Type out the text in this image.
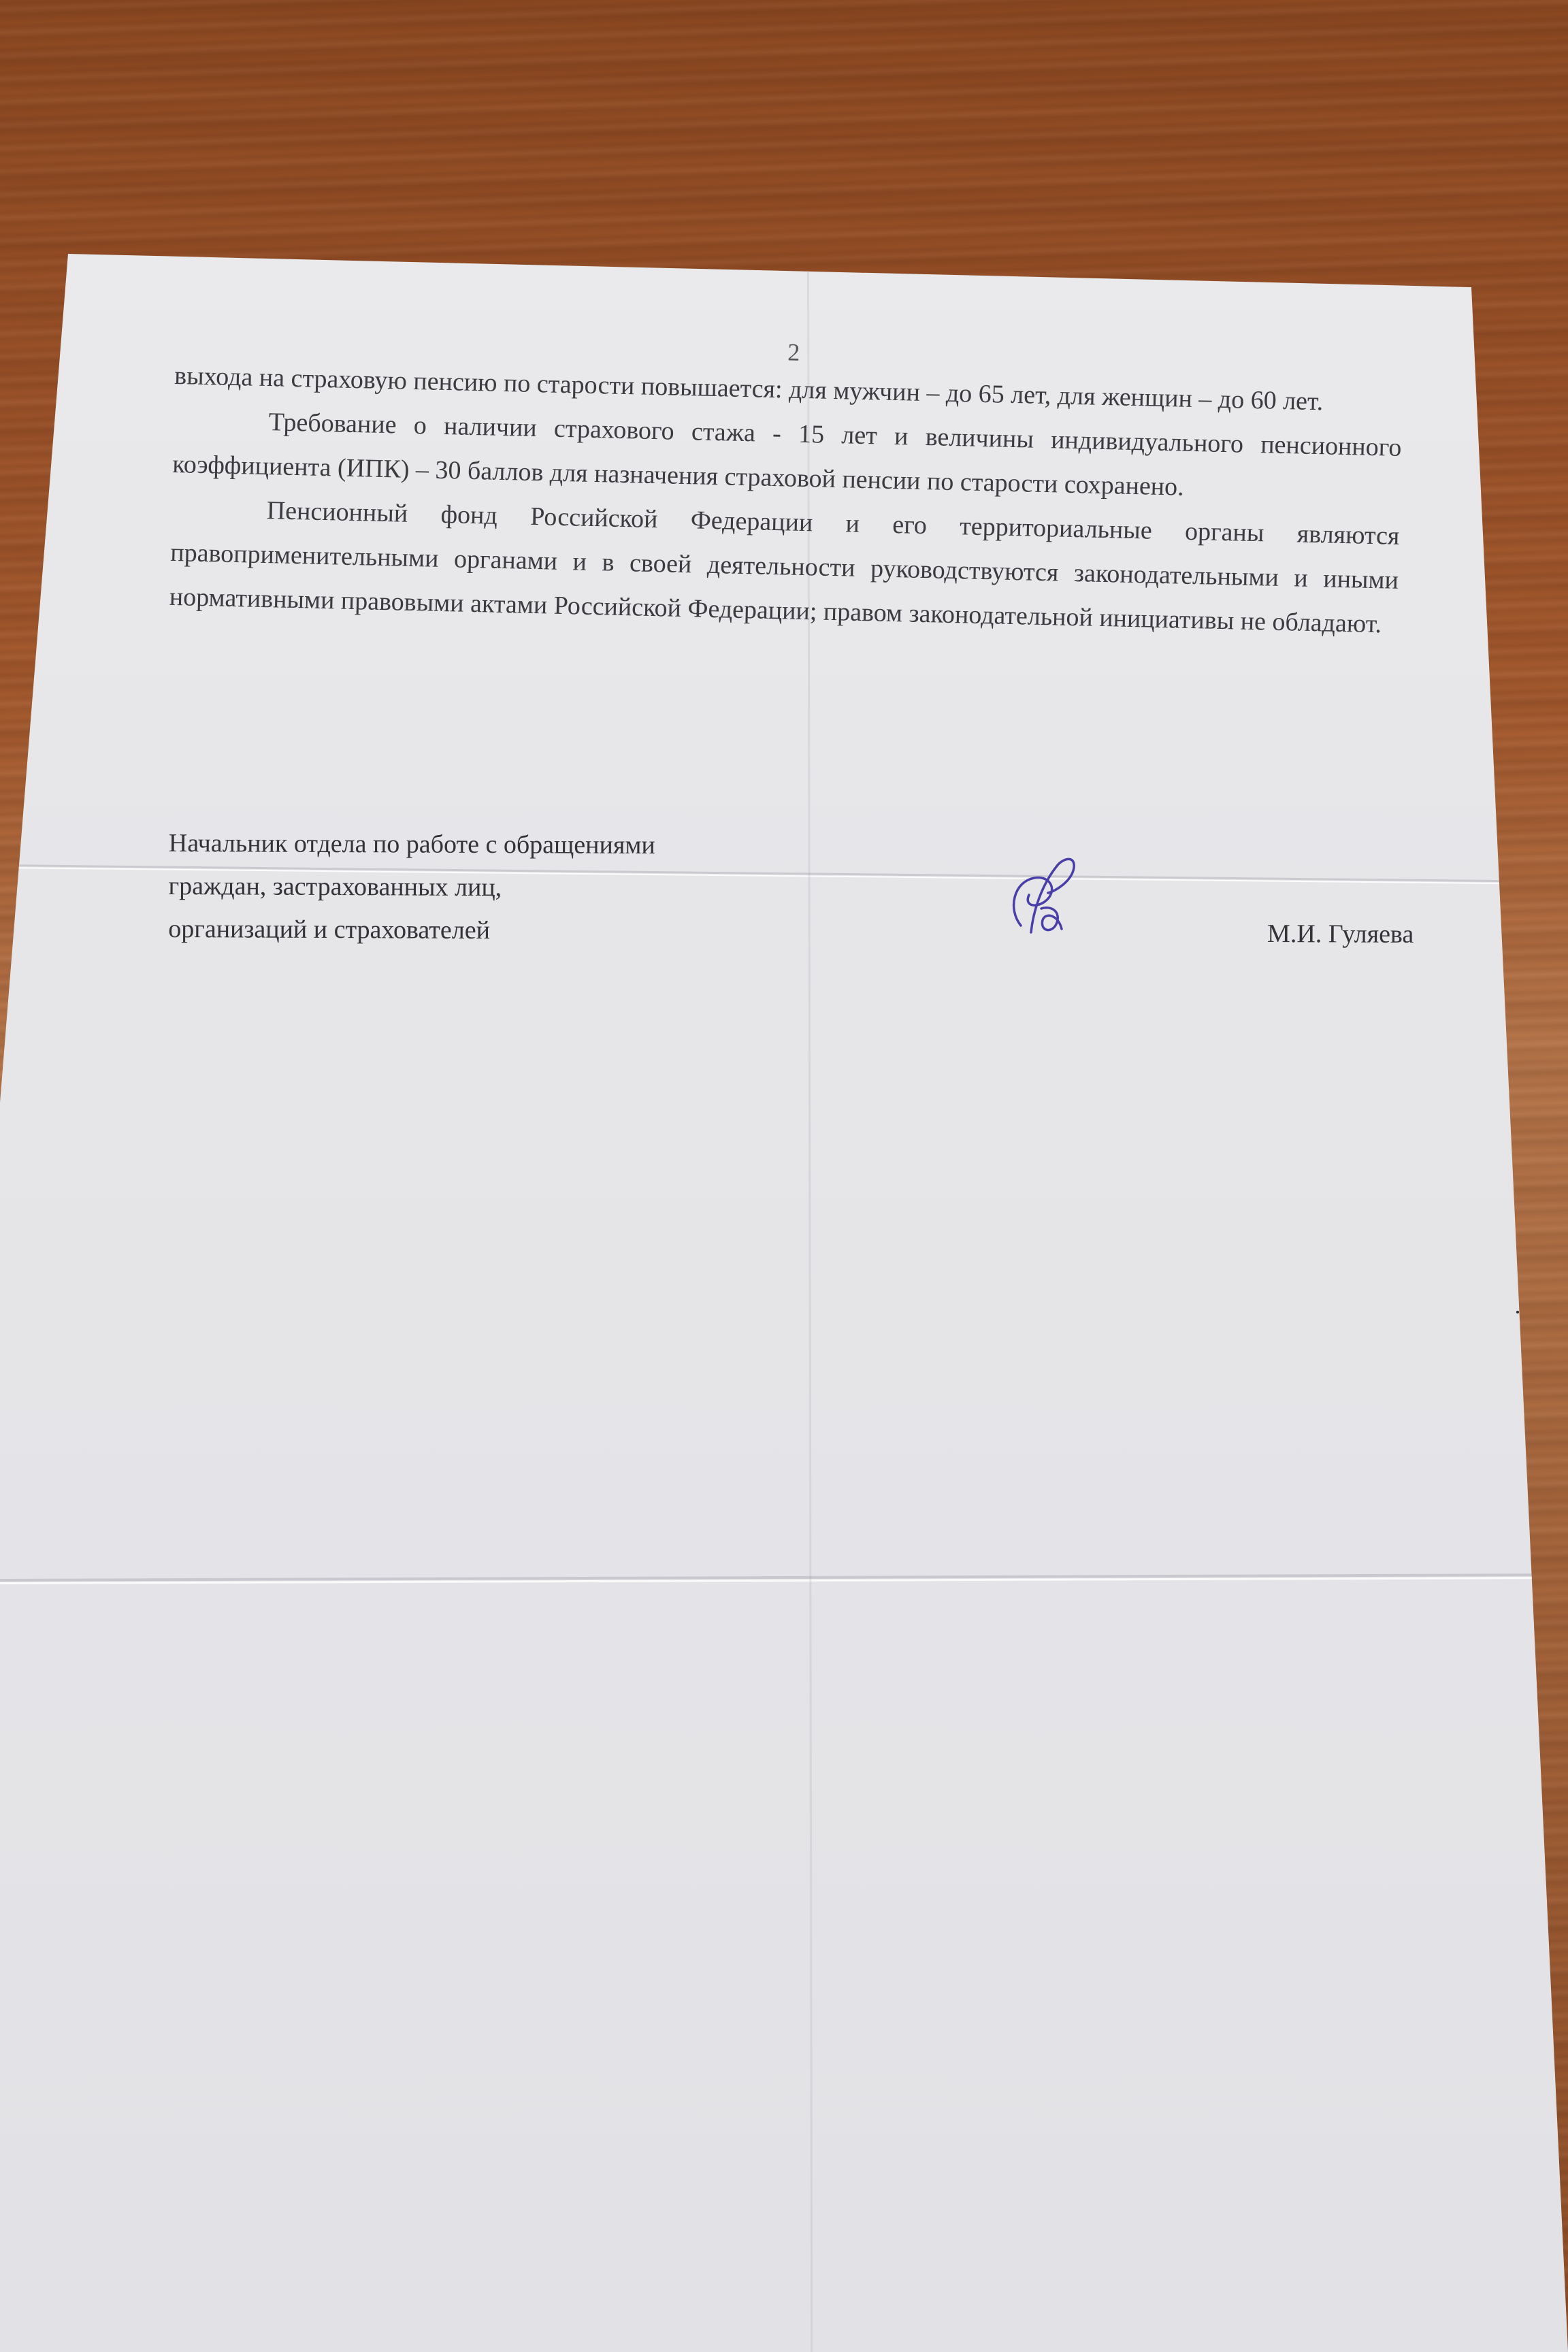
2

выхода на страховую пенсию по старости повышается: для мужчин – до 65 лет, для женщин – до 60 лет.

Требование о наличии страхового стажа - 15 лет и величины индивидуального пенсионного коэффициента (ИПК) – 30 баллов для назначения страховой пенсии по старости сохранено.

Пенсионный фонд Российской Федерации и его территориальные органы являются правоприменительными органами и в своей деятельности руководствуются законодательными и иными нормативными правовыми актами Российской Федерации; правом законодательной инициативы не обладают.

Начальник отдела по работе с обращениями
граждан, застрахованных лиц,
организаций и страхователей	М.И. Гуляева
